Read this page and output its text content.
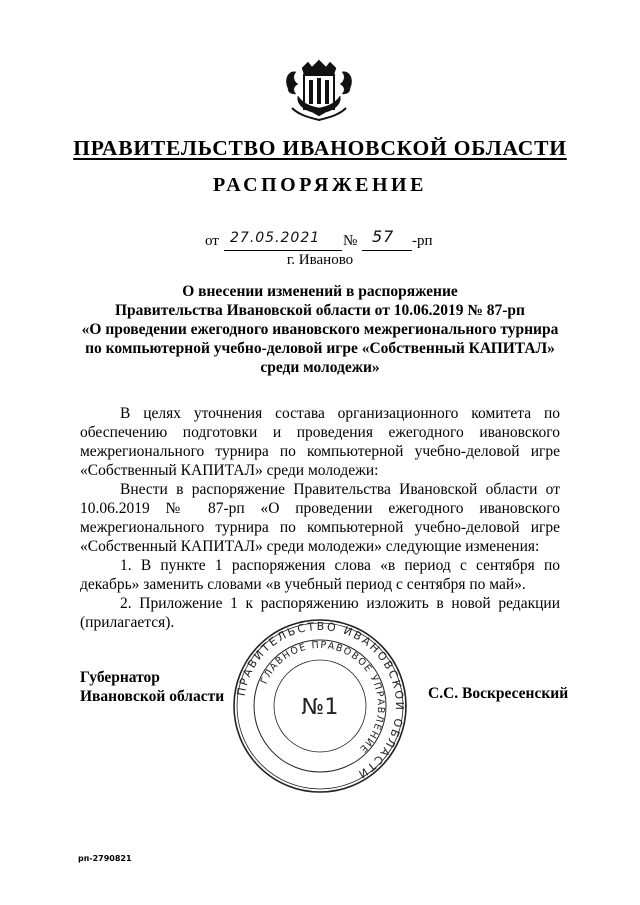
ПРАВИТЕЛЬСТВО ИВАНОВСКОЙ ОБЛАСТИ
РАСПОРЯЖЕНИЕ
от 27.05.2021 № 57 -рп
г. Иваново
О внесении изменений в распоряжение
Правительства Ивановской области от 10.06.2019 № 87-рп
«О проведении ежегодного ивановского межрегионального турнира
по компьютерной учебно-деловой игре «Собственный КАПИТАЛ»
среди молодежи»

В целях уточнения состава организационного комитета по обеспечению подготовки и проведения ежегодного ивановского межрегионального турнира по компьютерной учебно-деловой игре «Собственный КАПИТАЛ» среди молодежи:

Внести в распоряжение Правительства Ивановской области от 10.06.2019 № 87-рп «О проведении ежегодного ивановского межрегионального турнира по компьютерной учебно-деловой игре «Собственный КАПИТАЛ» среди молодежи» следующие изменения:

1. В пункте 1 распоряжения слова «в период с сентября по декабрь» заменить словами «в учебный период с сентября по май».

2. Приложение 1 к распоряжению изложить в новой редакции (прилагается).

ПРАВИТЕЛЬСТВО ИВАНОВСКОЙ ОБЛАСТИ
ГЛАВНОЕ ПРАВОВОЕ УПРАВЛЕНИЕ
№1
Губернатор
Ивановской области	С.С. Воскресенский
рп-2790821
